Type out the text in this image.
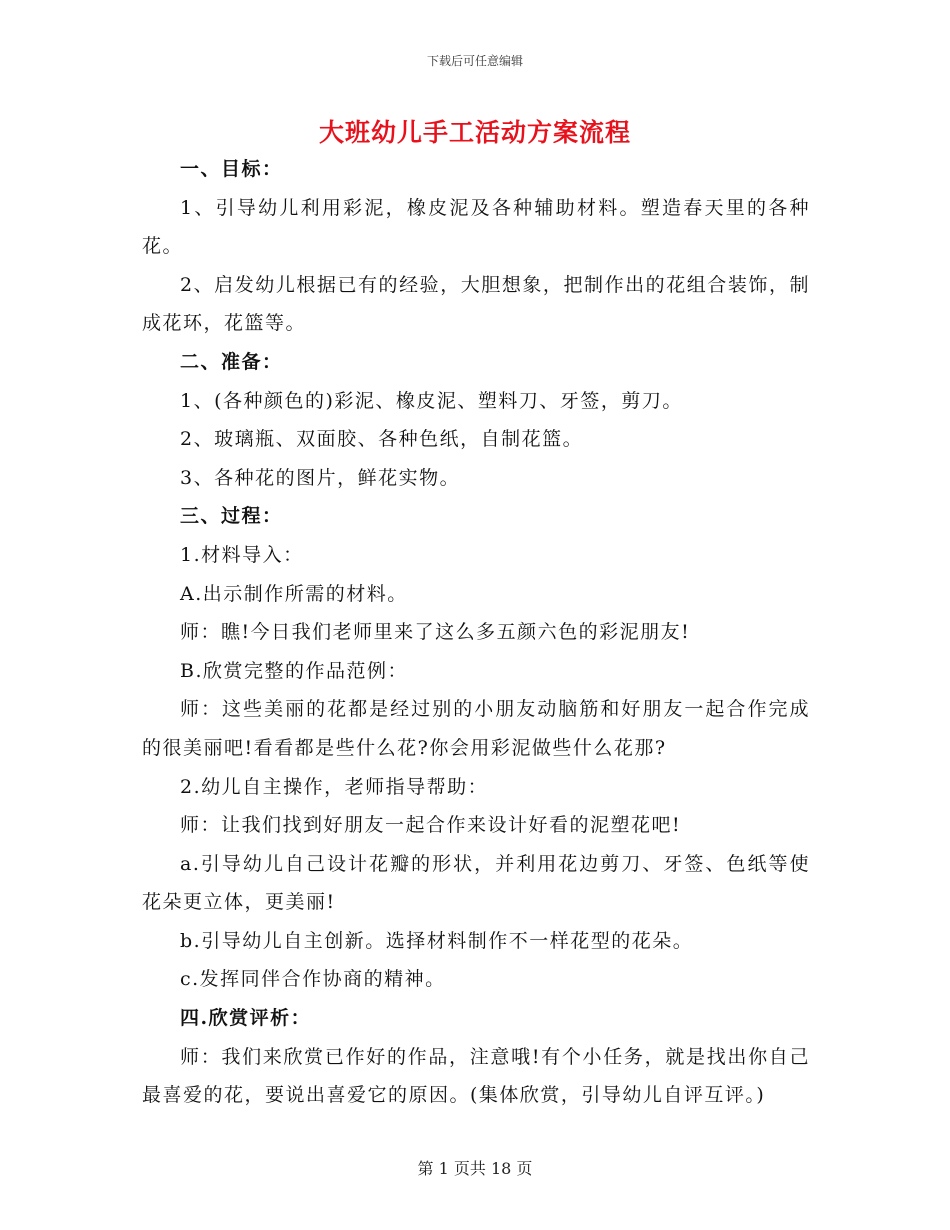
下载后可任意编辑
大班幼儿手工活动方案流程

一、目标：

1、引导幼儿利用彩泥，橡皮泥及各种辅助材料。塑造春天里的各种花。

2、启发幼儿根据已有的经验，大胆想象，把制作出的花组合装饰，制成花环，花篮等。

二、准备：

1、(各种颜色的)彩泥、橡皮泥、塑料刀、牙签，剪刀。

2、玻璃瓶、双面胶、各种色纸，自制花篮。

3、各种花的图片，鲜花实物。

三、过程：

1.材料导入：

A.出示制作所需的材料。

师：瞧!今日我们老师里来了这么多五颜六色的彩泥朋友!

B.欣赏完整的作品范例：

师：这些美丽的花都是经过别的小朋友动脑筋和好朋友一起合作完成的很美丽吧!看看都是些什么花?你会用彩泥做些什么花那?

2.幼儿自主操作，老师指导帮助：

师：让我们找到好朋友一起合作来设计好看的泥塑花吧!

a.引导幼儿自己设计花瓣的形状，并利用花边剪刀、牙签、色纸等使花朵更立体，更美丽!

b.引导幼儿自主创新。选择材料制作不一样花型的花朵。

c.发挥同伴合作协商的精神。

四.欣赏评析：

师：我们来欣赏已作好的作品，注意哦!有个小任务，就是找出你自己最喜爱的花，要说出喜爱它的原因。(集体欣赏，引导幼儿自评互评。)

第 1 页共 18 页
